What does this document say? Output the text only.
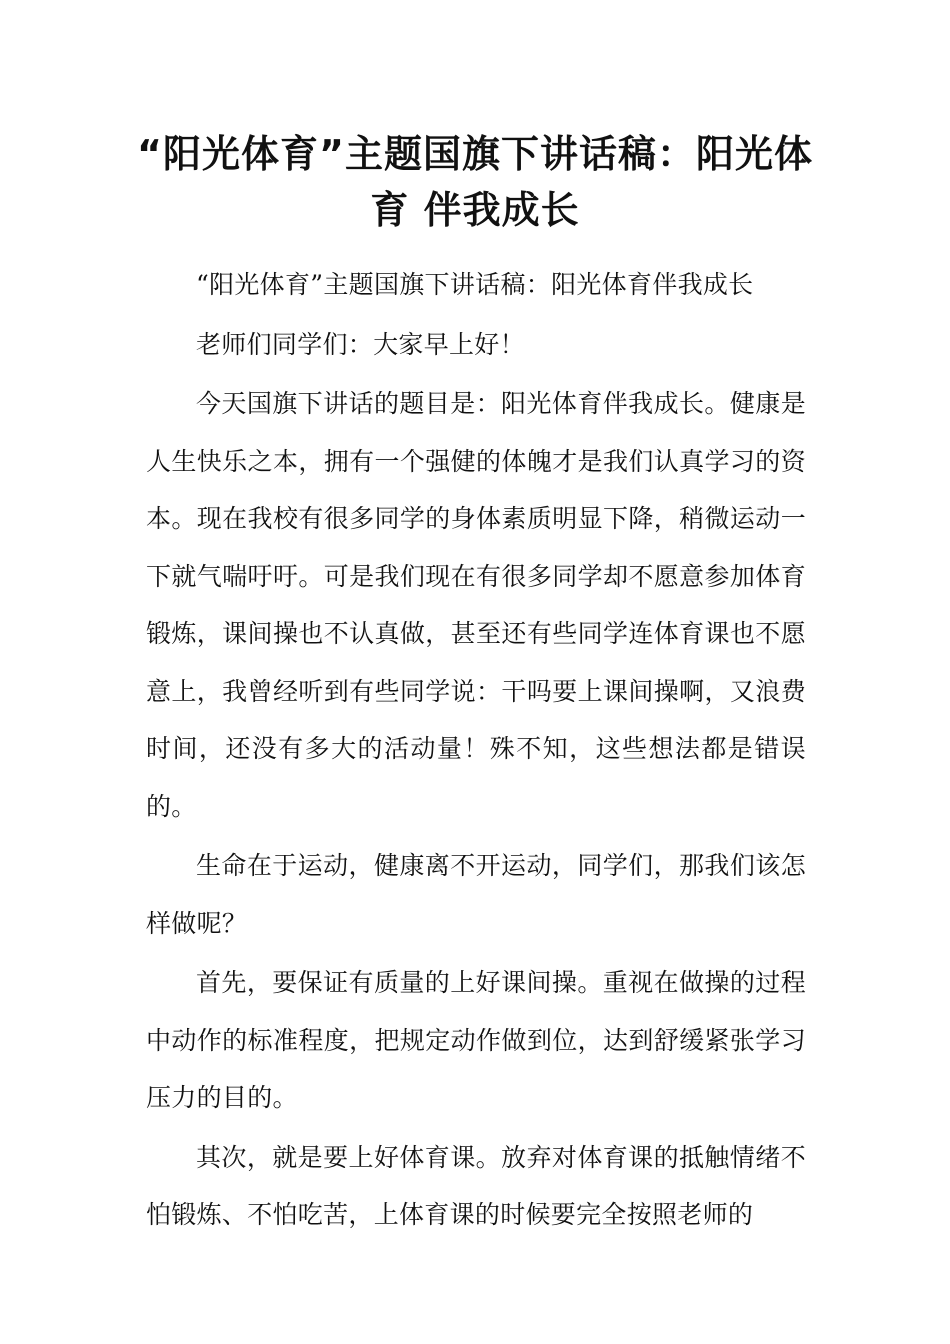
“阳光体育”主题国旗下讲话稿：阳光体育 伴我成长

“阳光体育”主题国旗下讲话稿：阳光体育伴我成长

老师们同学们：大家早上好！

今天国旗下讲话的题目是：阳光体育伴我成长。健康是人生快乐之本，拥有一个强健的体魄才是我们认真学习的资本。现在我校有很多同学的身体素质明显下降，稍微运动一下就气喘吁吁。可是我们现在有很多同学却不愿意参加体育锻炼，课间操也不认真做，甚至还有些同学连体育课也不愿意上，我曾经听到有些同学说：干吗要上课间操啊，又浪费时间，还没有多大的活动量！殊不知，这些想法都是错误的。

生命在于运动，健康离不开运动，同学们，那我们该怎样做呢？

首先，要保证有质量的上好课间操。重视在做操的过程中动作的标准程度，把规定动作做到位，达到舒缓紧张学习压力的目的。

其次，就是要上好体育课。放弃对体育课的抵触情绪不怕锻炼、不怕吃苦，上体育课的时候要完全按照老师的
